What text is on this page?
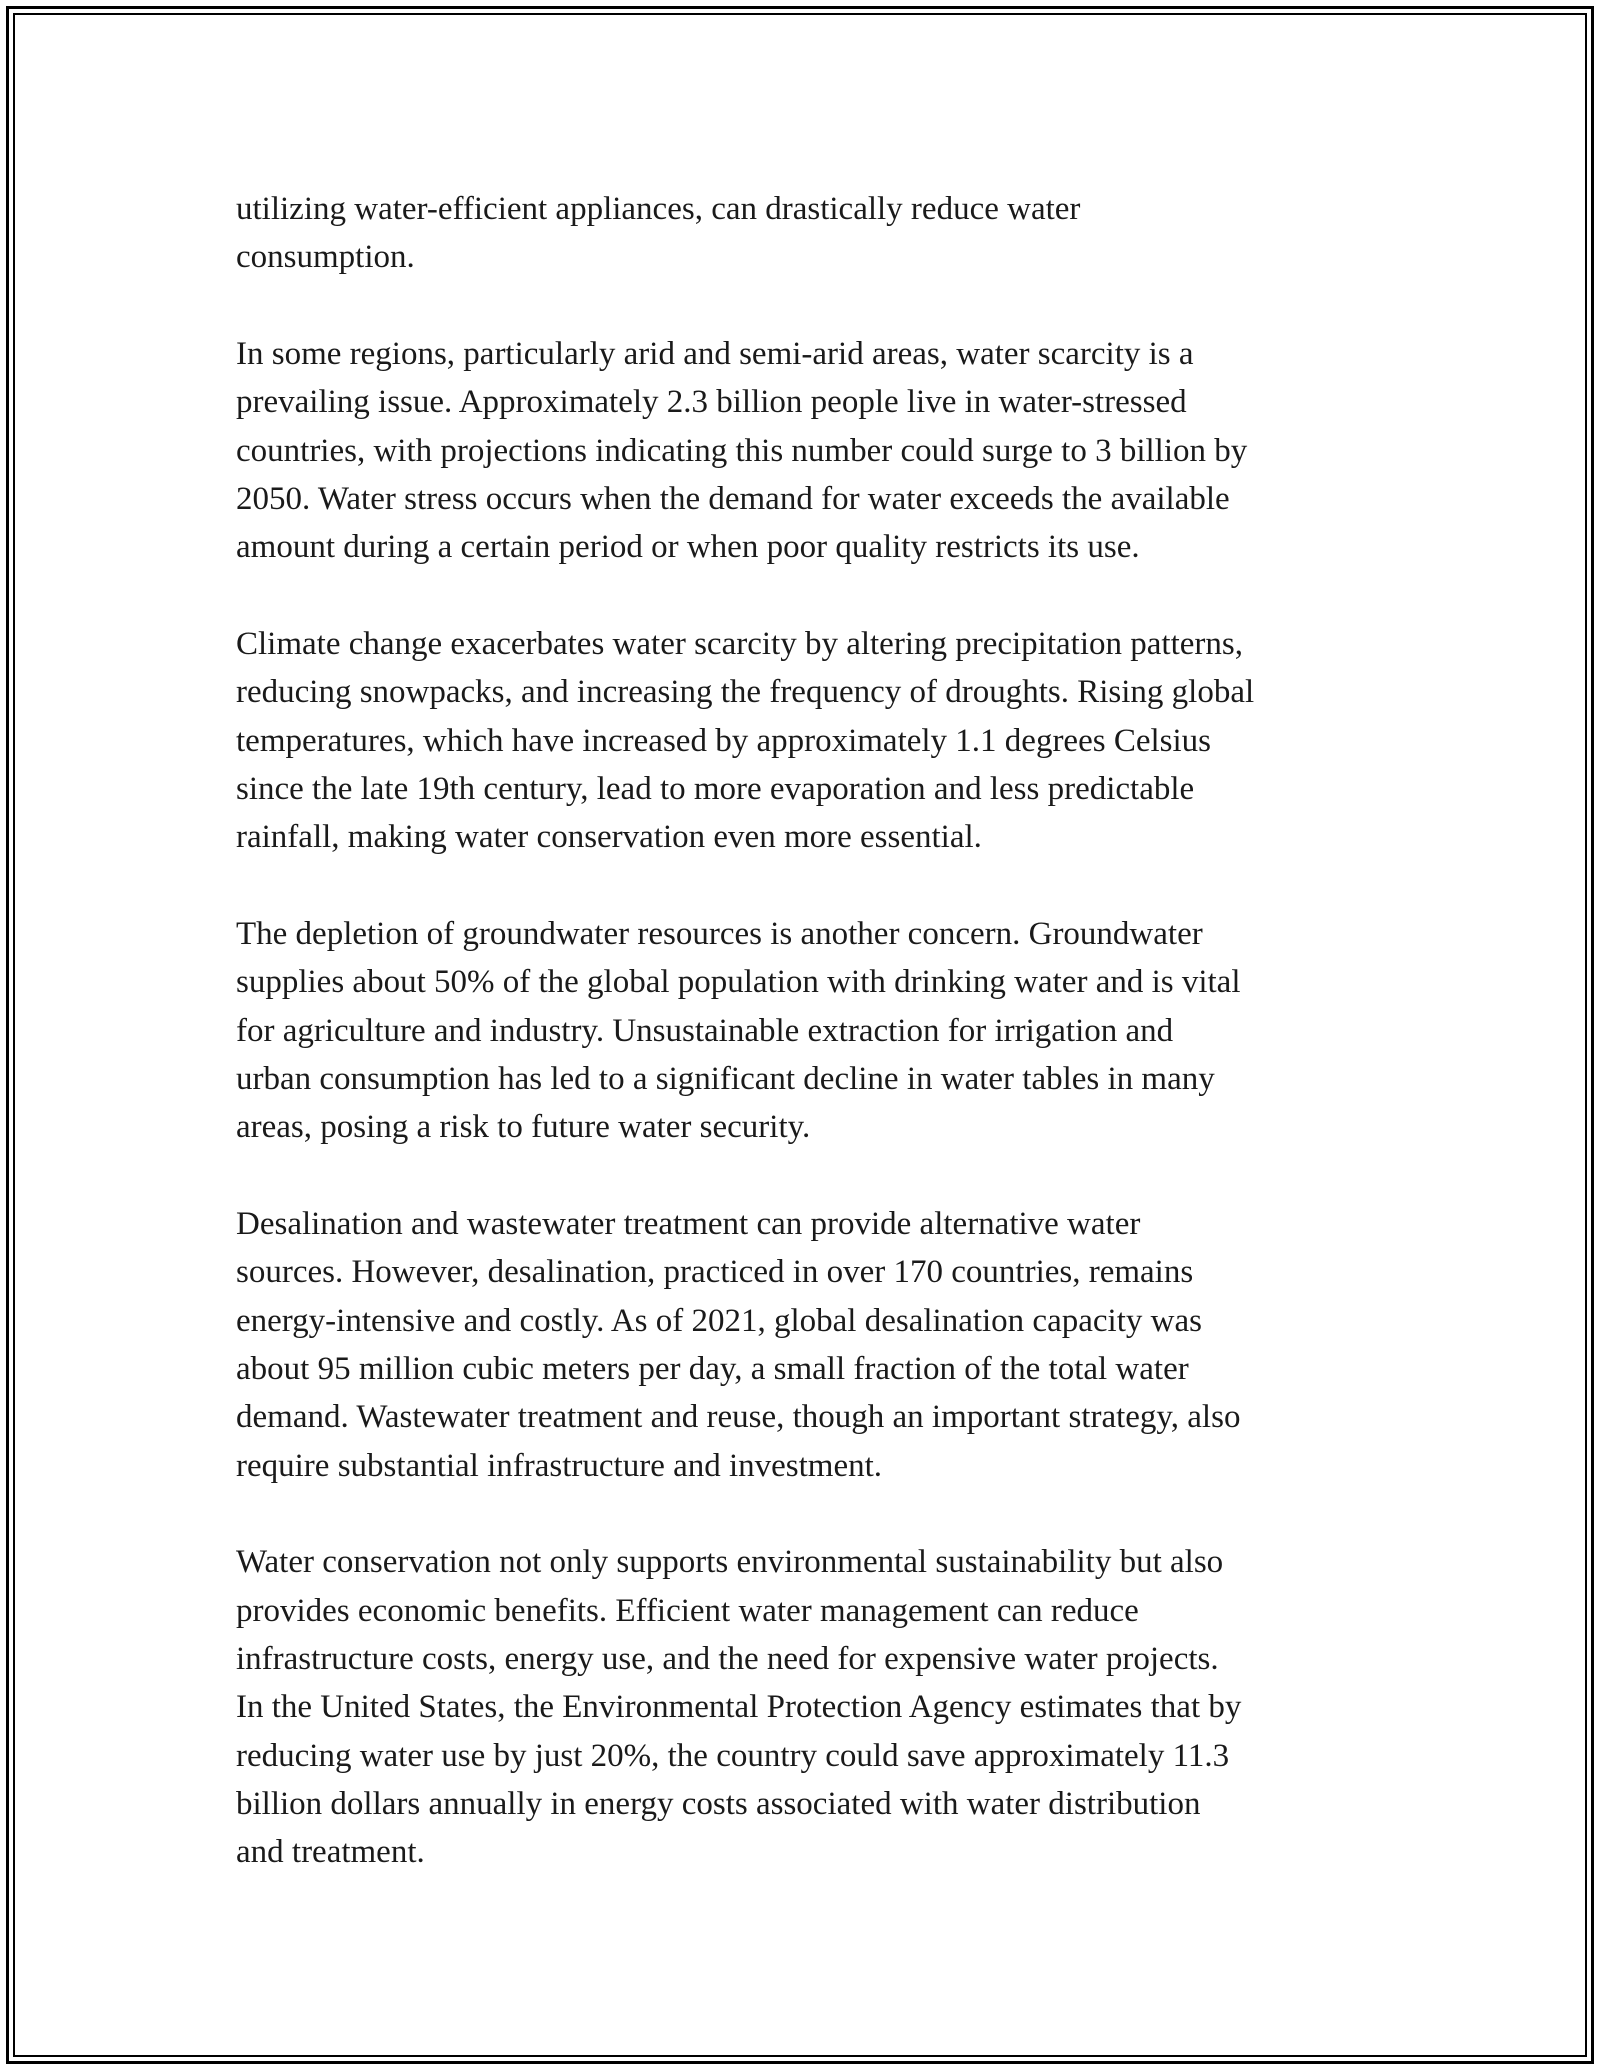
utilizing water-efficient appliances, can drastically reduce water
consumption.

In some regions, particularly arid and semi-arid areas, water scarcity is a
prevailing issue. Approximately 2.3 billion people live in water-stressed
countries, with projections indicating this number could surge to 3 billion by
2050. Water stress occurs when the demand for water exceeds the available
amount during a certain period or when poor quality restricts its use.

Climate change exacerbates water scarcity by altering precipitation patterns,
reducing snowpacks, and increasing the frequency of droughts. Rising global
temperatures, which have increased by approximately 1.1 degrees Celsius
since the late 19th century, lead to more evaporation and less predictable
rainfall, making water conservation even more essential.

The depletion of groundwater resources is another concern. Groundwater
supplies about 50% of the global population with drinking water and is vital
for agriculture and industry. Unsustainable extraction for irrigation and
urban consumption has led to a significant decline in water tables in many
areas, posing a risk to future water security.

Desalination and wastewater treatment can provide alternative water
sources. However, desalination, practiced in over 170 countries, remains
energy-intensive and costly. As of 2021, global desalination capacity was
about 95 million cubic meters per day, a small fraction of the total water
demand. Wastewater treatment and reuse, though an important strategy, also
require substantial infrastructure and investment.

Water conservation not only supports environmental sustainability but also
provides economic benefits. Efficient water management can reduce
infrastructure costs, energy use, and the need for expensive water projects.
In the United States, the Environmental Protection Agency estimates that by
reducing water use by just 20%, the country could save approximately 11.3
billion dollars annually in energy costs associated with water distribution
and treatment.
